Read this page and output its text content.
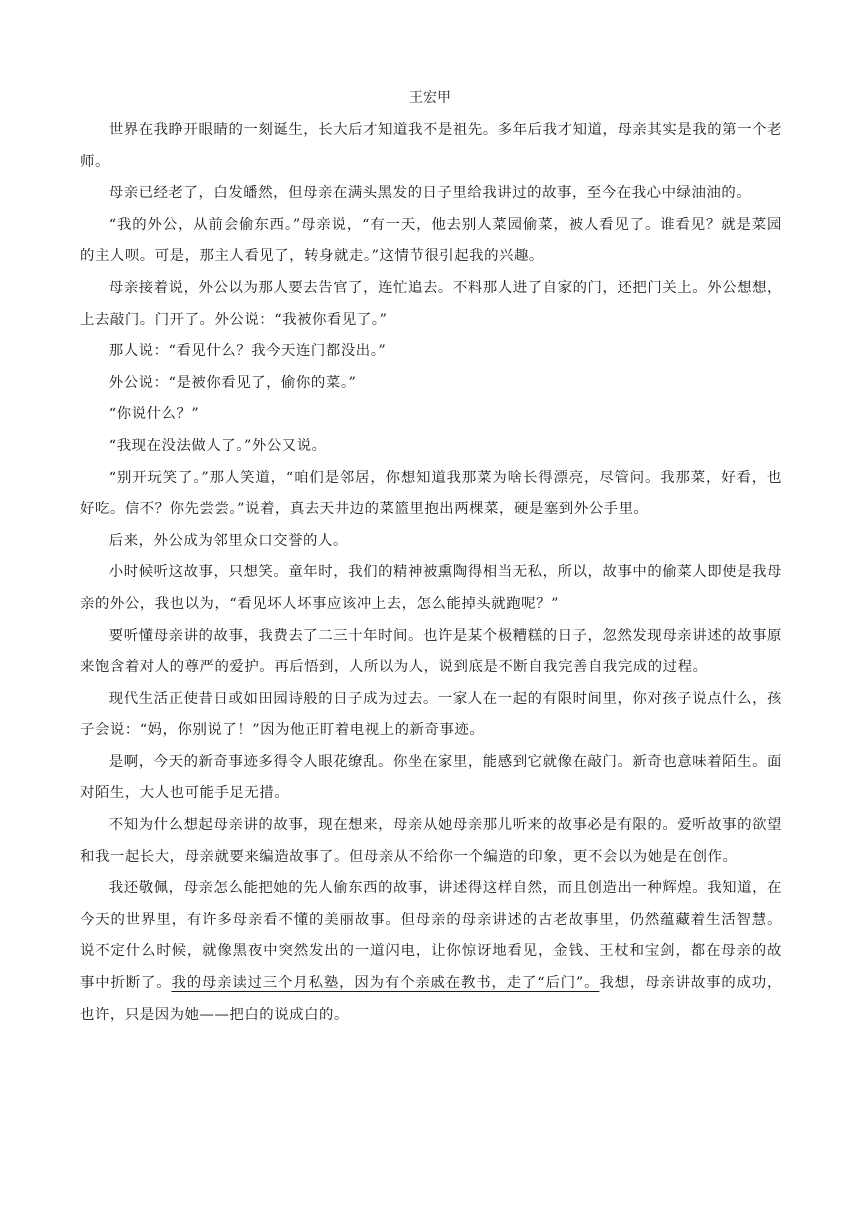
王宏甲

世界在我睁开眼睛的一刻诞生，长大后才知道我不是祖先。多年后我才知道，母亲其实是我的第一个老师。

母亲已经老了，白发皤然，但母亲在满头黑发的日子里给我讲过的故事，至今在我心中绿油油的。

“我的外公，从前会偷东西。”母亲说，“有一天，他去别人菜园偷菜，被人看见了。谁看见？就是菜园的主人呗。可是，那主人看见了，转身就走。”这情节很引起我的兴趣。

母亲接着说，外公以为那人要去告官了，连忙追去。不料那人进了自家的门，还把门关上。外公想想，上去敲门。门开了。外公说：“我被你看见了。”

那人说：“看见什么？我今天连门都没出。”

外公说：“是被你看见了，偷你的菜。”

“你说什么？”

“我现在没法做人了。”外公又说。

“别开玩笑了。”那人笑道，“咱们是邻居，你想知道我那菜为啥长得漂亮，尽管问。我那菜，好看，也好吃。信不？你先尝尝。”说着，真去天井边的菜篮里抱出两棵菜，硬是塞到外公手里。

后来，外公成为邻里众口交誉的人。

小时候听这故事，只想笑。童年时，我们的精神被熏陶得相当无私，所以，故事中的偷菜人即使是我母亲的外公，我也以为，“看见坏人坏事应该冲上去，怎么能掉头就跑呢？”

要听懂母亲讲的故事，我费去了二三十年时间。也许是某个极糟糕的日子，忽然发现母亲讲述的故事原来饱含着对人的尊严的爱护。再后悟到，人所以为人，说到底是不断自我完善自我完成的过程。

现代生活正使昔日或如田园诗般的日子成为过去。一家人在一起的有限时间里，你对孩子说点什么，孩子会说：“妈，你别说了！”因为他正盯着电视上的新奇事迹。

是啊，今天的新奇事迹多得令人眼花缭乱。你坐在家里，能感到它就像在敲门。新奇也意味着陌生。面对陌生，大人也可能手足无措。

不知为什么想起母亲讲的故事，现在想来，母亲从她母亲那儿听来的故事必是有限的。爱听故事的欲望和我一起长大，母亲就要来编造故事了。但母亲从不给你一个编造的印象，更不会以为她是在创作。

我还敬佩，母亲怎么能把她的先人偷东西的故事，讲述得这样自然，而且创造出一种辉煌。我知道，在今天的世界里，有许多母亲看不懂的美丽故事。但母亲的母亲讲述的古老故事里，仍然蕴藏着生活智慧。说不定什么时候，就像黑夜中突然发出的一道闪电，让你惊讶地看见，金钱、王杖和宝剑，都在母亲的故事中折断了。我的母亲读过三个月私塾，因为有个亲戚在教书，走了“后门”。我想，母亲讲故事的成功，也许，只是因为她——把白的说成白的。
